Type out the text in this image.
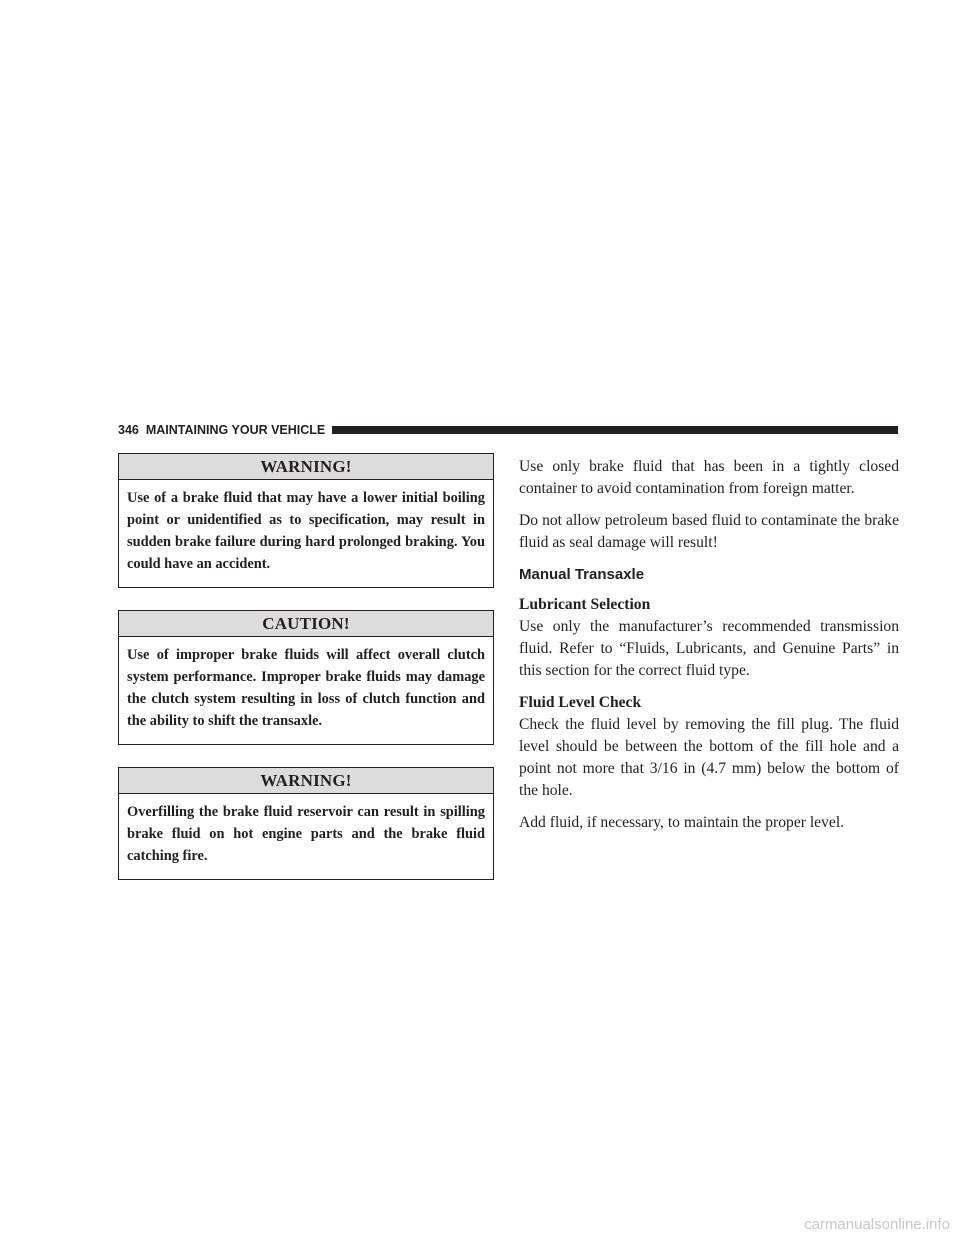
346 MAINTAINING YOUR VEHICLE
WARNING!
Use of a brake fluid that may have a lower initial boiling point or unidentified as to specification, may result in sudden brake failure during hard prolonged braking. You could have an accident.
CAUTION!
Use of improper brake fluids will affect overall clutch system performance. Improper brake fluids may damage the clutch system resulting in loss of clutch function and the ability to shift the transaxle.
WARNING!
Overfilling the brake fluid reservoir can result in spilling brake fluid on hot engine parts and the brake fluid catching fire.

Use only brake fluid that has been in a tightly closed container to avoid contamination from foreign matter.

Do not allow petroleum based fluid to contaminate the brake fluid as seal damage will result!

Manual Transaxle
Lubricant Selection

Use only the manufacturer’s recommended transmission fluid. Refer to “Fluids, Lubricants, and Genuine Parts” in this section for the correct fluid type.

Fluid Level Check

Check the fluid level by removing the fill plug. The fluid level should be between the bottom of the fill hole and a point not more that 3/16 in (4.7 mm) below the bottom of the hole.

Add fluid, if necessary, to maintain the proper level.

carmanualsonline.info
